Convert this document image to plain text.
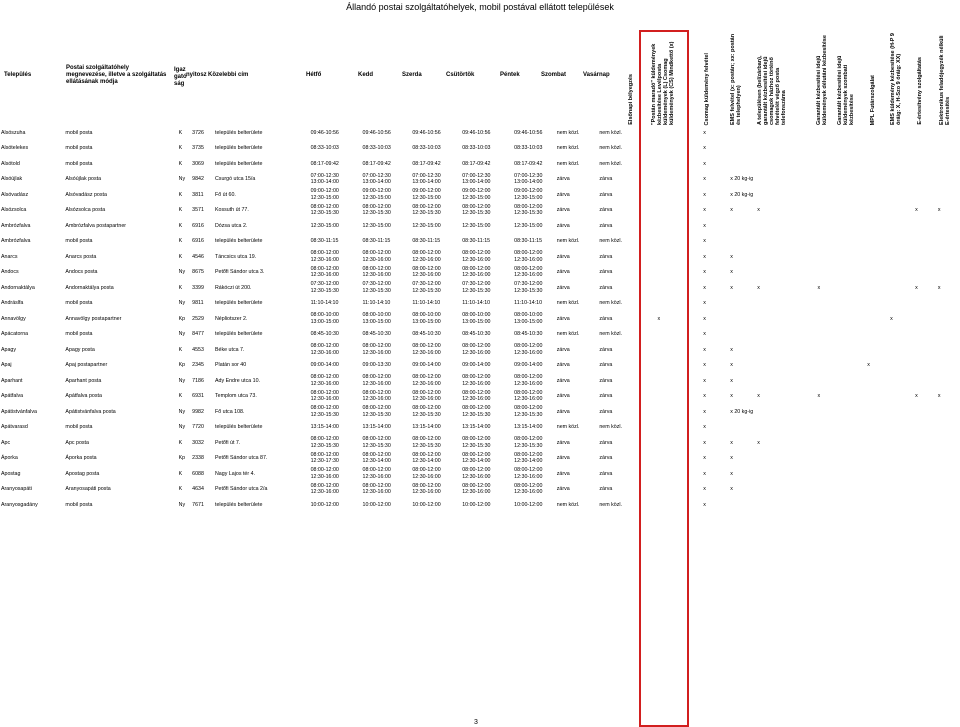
Állandó postai szolgáltatóhelyek, mobil postával ellátott települések
Település
Postai szolgáltatóhely megnevezése, illetve a szolgáltatás ellátásának módja
Igazgatóság
nyitosz Közelebbi cím	Hétfő	Kedd	Szerda	Csütörtök	Péntek	Szombat	Vasárnap	Elsőnapi bélyegzés	"Postán maradó" küldemények kézbesítése Levélposta küldemények (L) Csomag küldemények (CS) Mindkettő (x)	Csomag küldemény felvétel	EMS felvétel (x: postán; xx: postán és telephelyen)	A településen (bel/zárban), garantált kézbesítési idejű csomagok házhoz történő felvételét végző posta telefonszáma	Garantált kézbesítési idejű küldemények délutáni kézbesítése Garantált kézbesítési idejű küldemények szombati kézbesítése	MPL Futárszolgálat	EMS küldemény kézbesítése (H-P 9 óráig: X, H-Szo 9 óráig: XX)	E-értesítvény szolgáltatás	Elektronikus feladójegyzék nélküli E-értesítés
Alsószuha	mobil posta	K	3726	település belterülete	09:46-10:56	09:46-10:56	09:46-10:56	09:46-10:56	09:46-10:56	nem közl.	nem közl.			x								
Alsótelekes	mobil posta	K	3735	település belterülete	08:33-10:03	08:33-10:03	08:33-10:03	08:33-10:03	08:33-10:03	nem közl.	nem közl.			x								
Alsótold	mobil posta	K	3069	település belterülete	08:17-09:42	08:17-09:42	08:17-09:42	08:17-09:42	08:17-09:42	nem közl.	nem közl.			x								
Alsóújlak	Alsóújlak posta	Ny	9842	Csurgó utca 15/a	07:00-12:30
13:00-14:00	07:00-12:30
13:00-14:00	07:00-12:30
13:00-14:00	07:00-12:30
13:00-14:00	07:00-12:30
13:00-14:00	zárva	zárva			x	x 20 kg-ig							
Alsóvadász	Alsóvadász posta	K	3811	Fő út 60.	09:00-12:00
12:30-15:00	09:00-12:00
12:30-15:00	09:00-12:00
12:30-15:00	09:00-12:00
12:30-15:00	09:00-12:00
12:30-15:00	zárva	zárva			x	x 20 kg-ig							
Alsózsolca	Alsózsolca posta	K	3571	Kossuth út 77.	08:00-12:00
12:30-15:30	08:00-12:00
12:30-15:30	08:00-12:00
12:30-15:30	08:00-12:00
12:30-15:30	08:00-12:00
12:30-15:30	zárva	zárva			x	x	x					x	x
Ambrózfalva	Ambrózfalva postapartner	K	6916	Dózsa utca 2.	12:30-15:00	12:30-15:00	12:30-15:00	12:30-15:00	12:30-15:00	zárva	zárva			x								
Ambrózfalva	mobil posta	K	6916	település belterülete	08:30-11:15	08:30-11:15	08:30-11:15	08:30-11:15	08:30-11:15	nem közl.	nem közl.			x								
Anarcs	Anarcs posta	K	4546	Táncsics utca 19.	08:00-12:00
12:30-16:00	08:00-12:00
12:30-16:00	08:00-12:00
12:30-16:00	08:00-12:00
12:30-16:00	08:00-12:00
12:30-16:00	zárva	zárva			x	x							
Andocs	Andocs posta	Ny	8675	Petőfi Sándor utca 3.	08:00-12:00
12:30-16:00	08:00-12:00
12:30-16:00	08:00-12:00
12:30-16:00	08:00-12:00
12:30-16:00	08:00-12:00
12:30-16:00	zárva	zárva			x	x							
Andornaktálya	Andornaktálya posta	K	3399	Rákóczi út 200.	07:30-12:00
12:30-15:30	07:30-12:00
12:30-15:30	07:30-12:00
12:30-15:30	07:30-12:00
12:30-15:30	07:30-12:00
12:30-15:30	zárva	zárva			x	x	x	x				x	x
Andráslfa	mobil posta	Ny	9811	település belterülete	11:10-14:10	11:10-14:10	11:10-14:10	11:10-14:10	11:10-14:10	nem közl.	nem közl.			x								
Annavölgy	Annavölgy postapartner	Kp	2529	Népliotszer 2.	08:00-10:00
13:00-15:00	08:00-10:00
13:00-15:00	08:00-10:00
13:00-15:00	08:00-10:00
13:00-15:00	08:00-10:00
13:00-15:00	zárva	zárva		x	x						x		
Apácatorna	mobil posta	Ny	8477	település belterülete	08:45-10:30	08:45-10:30	08:45-10:30	08:45-10:30	08:45-10:30	nem közl.	nem közl.			x								
Apagy	Apagy posta	K	4553	Béke utca 7.	08:00-12:00
12:30-16:00	08:00-12:00
12:30-16:00	08:00-12:00
12:30-16:00	08:00-12:00
12:30-16:00	08:00-12:00
12:30-16:00	zárva	zárva			x	x							
Apaj	Apaj postapartner	Kp	2345	Platán sor 40	09:00-14:00	09:00-13:30	09:00-14:00	09:00-14:00	09:00-14:00	zárva	zárva			x	x				x			
Aparhant	Aparhant posta	Ny	7186	Ady Endre utca 10.	08:00-12:00
12:30-16:00	08:00-12:00
12:30-16:00	08:00-12:00
12:30-16:00	08:00-12:00
12:30-16:00	08:00-12:00
12:30-16:00	zárva	zárva			x	x							
Apátfalva	Apátfalva posta	K	6931	Templom utca 73.	08:00-12:00
12:30-16:00	08:00-12:00
12:30-16:00	08:00-12:00
12:30-16:00	08:00-12:00
12:30-16:00	08:00-12:00
12:30-16:00	zárva	zárva			x	x	x	x				x	x
Apátistvánfalva	Apátistvánfalva posta	Ny	9982	Fő utca 108.	08:00-12:00
12:30-15:30	08:00-12:00
12:30-15:30	08:00-12:00
12:30-15:30	08:00-12:00
12:30-15:30	08:00-12:00
12:30-15:30	zárva	zárva			x	x 20 kg-ig							
Apátvarasd	mobil posta	Ny	7720	település belterülete	13:15-14:00	13:15-14:00	13:15-14:00	13:15-14:00	13:15-14:00	nem közl.	nem közl.			x								
Apc	Apc posta	K	3032	Petőfi út 7.	08:00-12:00
12:30-15:30	08:00-12:00
12:30-15:30	08:00-12:00
12:30-15:30	08:00-12:00
12:30-15:30	08:00-12:00
12:30-15:30	zárva	zárva			x	x	x						
Áporka	Áporka posta	Kp	2338	Petőfi Sándor utca 87.	08:00-12:00
12:30-17:30	08:00-12:00
12:30-14:00	08:00-12:00
12:30-14:00	08:00-12:00
12:30-14:00	08:00-12:00
12:30-14:00	zárva	zárva			x	x							
Apostag	Apostag posta	K	6088	Nagy Lajos tér 4.	08:00-12:00
12:30-16:00	08:00-12:00
12:30-16:00	08:00-12:00
12:30-16:00	08:00-12:00
12:30-16:00	08:00-12:00
12:30-16:00	zárva	zárva			x	x							
Aranyosapáti	Aranyosapáti posta	K	4634	Petőfi Sándor utca 2/a	08:00-12:00
12:30-16:00	08:00-12:00
12:30-16:00	08:00-12:00
12:30-16:00	08:00-12:00
12:30-16:00	08:00-12:00
12:30-16:00	zárva	zárva			x	x							
Aranyosgadány	mobil posta	Ny	7671	település belterülete	10:00-12:00	10:00-12:00	10:00-12:00	10:00-12:00	10:00-12:00	nem közl.	nem közl.			x								
3
